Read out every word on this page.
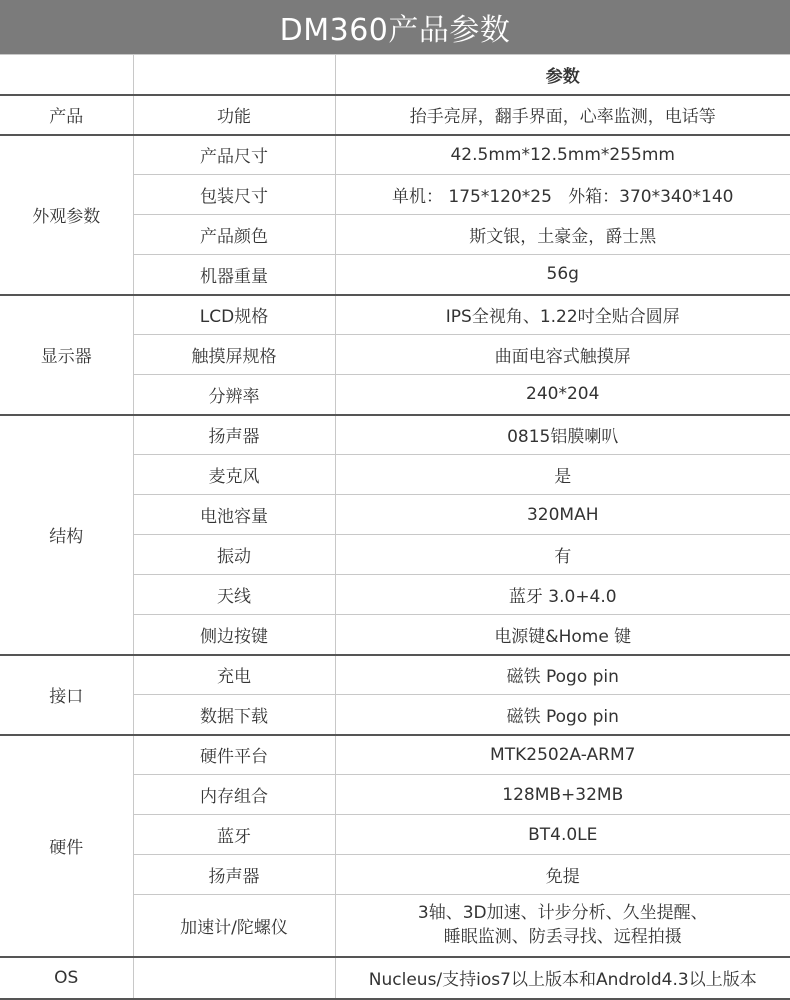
DM360产品参数
		参数
产品	功能	抬手亮屏，翻手界面，心率监测，电话等
外观参数	产品尺寸	42.5mm*12.5mm*255mm
	包装尺寸	单机： 175*120*25   外箱：370*340*140
	产品颜色	斯文银，土豪金，爵士黑
	机器重量	56g
显示器	LCD规格	IPS全视角、1.22吋全贴合圆屏
	触摸屏规格	曲面电容式触摸屏
	分辨率	240*204
结构	扬声器	0815铝膜喇叭
	麦克风	是
	电池容量	320MAH
	振动	有
	天线	蓝牙 3.0+4.0
	侧边按键	电源键&Home 键
接口	充电	磁铁 Pogo pin
	数据下载	磁铁 Pogo pin
硬件	硬件平台	MTK2502A-ARM7
	内存组合	128MB+32MB
	蓝牙	BT4.0LE
	扬声器	免提
	加速计/陀螺仪	3轴、3D加速、计步分析、久坐提醒、
睡眠监测、防丢寻找、远程拍摄

OS		Nucleus/支持ios7以上版本和Androld4.3以上版本
